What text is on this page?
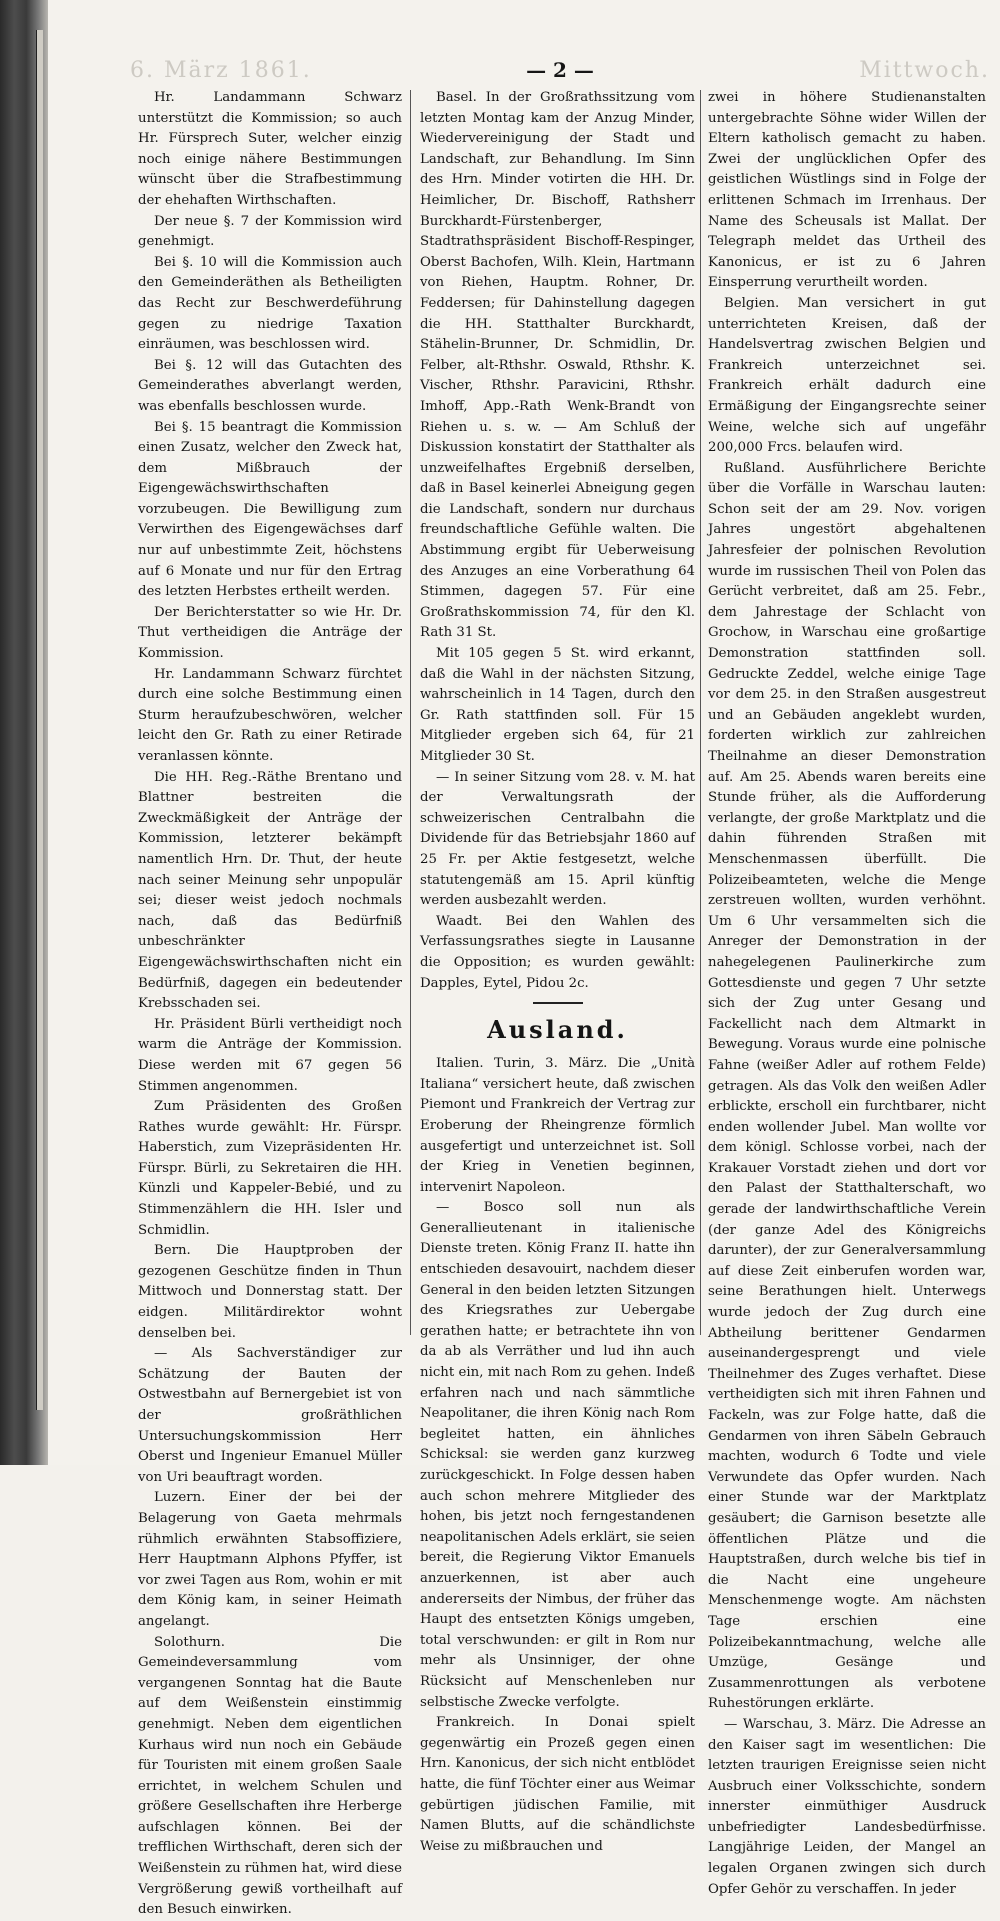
6. März 1861.	Mittwoch.
— 2 —

Hr. Landammann Schwarz unterstützt die Kommission; so auch Hr. Fürsprech Suter, welcher einzig noch einige nähere Bestimmungen wünscht über die Strafbestimmung der ehehaften Wirthschaften.

Der neue §. 7 der Kommission wird genehmigt.

Bei §. 10 will die Kommission auch den Gemeinderäthen als Betheiligten das Recht zur Beschwerdeführung gegen zu niedrige Taxation einräumen, was beschlossen wird.

Bei §. 12 will das Gutachten des Gemeinderathes abverlangt werden, was ebenfalls beschlossen wurde.

Bei §. 15 beantragt die Kommission einen Zusatz, welcher den Zweck hat, dem Mißbrauch der Eigengewächswirthschaften vorzubeugen. Die Bewilligung zum Verwirthen des Eigengewächses darf nur auf unbestimmte Zeit, höchstens auf 6 Monate und nur für den Ertrag des letzten Herbstes ertheilt werden.

Der Berichterstatter so wie Hr. Dr. Thut vertheidigen die Anträge der Kommission.

Hr. Landammann Schwarz fürchtet durch eine solche Bestimmung einen Sturm heraufzubeschwören, welcher leicht den Gr. Rath zu einer Retirade veranlassen könnte.

Die HH. Reg.-Räthe Brentano und Blattner bestreiten die Zweckmäßigkeit der Anträge der Kommission, letzterer bekämpft namentlich Hrn. Dr. Thut, der heute nach seiner Meinung sehr unpopulär sei; dieser weist jedoch nochmals nach, daß das Bedürfniß unbeschränkter Eigengewächswirthschaften nicht ein Bedürfniß, dagegen ein bedeutender Krebsschaden sei.

Hr. Präsident Bürli vertheidigt noch warm die Anträge der Kommission. Diese werden mit 67 gegen 56 Stimmen angenommen.

Zum Präsidenten des Großen Rathes wurde gewählt: Hr. Fürspr. Haberstich, zum Vizepräsidenten Hr. Fürspr. Bürli, zu Sekretairen die HH. Künzli und Kappeler-Bebié, und zu Stimmenzählern die HH. Isler und Schmidlin.

Bern. Die Hauptproben der gezogenen Geschütze finden in Thun Mittwoch und Donnerstag statt. Der eidgen. Militärdirektor wohnt denselben bei.

— Als Sachverständiger zur Schätzung der Bauten der Ostwestbahn auf Bernergebiet ist von der großräthlichen Untersuchungskommission Herr Oberst und Ingenieur Emanuel Müller von Uri beauftragt worden.

Luzern. Einer der bei der Belagerung von Gaeta mehrmals rühmlich erwähnten Stabsoffiziere, Herr Hauptmann Alphons Pfyffer, ist vor zwei Tagen aus Rom, wohin er mit dem König kam, in seiner Heimath angelangt.

Solothurn. Die Gemeindeversammlung vom vergangenen Sonntag hat die Baute auf dem Weißenstein einstimmig genehmigt. Neben dem eigentlichen Kurhaus wird nun noch ein Gebäude für Touristen mit einem großen Saale errichtet, in welchem Schulen und größere Gesellschaften ihre Herberge aufschlagen können. Bei der trefflichen Wirthschaft, deren sich der Weißenstein zu rühmen hat, wird diese Vergrößerung gewiß vortheilhaft auf den Besuch einwirken.

Basel. In der Großrathssitzung vom letzten Montag kam der Anzug Minder, Wiedervereinigung der Stadt und Landschaft, zur Behandlung. Im Sinn des Hrn. Minder votirten die HH. Dr. Heimlicher, Dr. Bischoff, Rathsherr Burckhardt-Fürstenberger, Stadtrathspräsident Bischoff-Respinger, Oberst Bachofen, Wilh. Klein, Hartmann von Riehen, Hauptm. Rohner, Dr. Feddersen; für Dahinstellung dagegen die HH. Statthalter Burckhardt, Stähelin-Brunner, Dr. Schmidlin, Dr. Felber, alt-Rthshr. Oswald, Rthshr. K. Vischer, Rthshr. Paravicini, Rthshr. Imhoff, App.-Rath Wenk-Brandt von Riehen u. s. w. — Am Schluß der Diskussion konstatirt der Statthalter als unzweifelhaftes Ergebniß derselben, daß in Basel keinerlei Abneigung gegen die Landschaft, sondern nur durchaus freundschaftliche Gefühle walten. Die Abstimmung ergibt für Ueberweisung des Anzuges an eine Vorberathung 64 Stimmen, dagegen 57. Für eine Großrathskommission 74, für den Kl. Rath 31 St.

Mit 105 gegen 5 St. wird erkannt, daß die Wahl in der nächsten Sitzung, wahrscheinlich in 14 Tagen, durch den Gr. Rath stattfinden soll. Für 15 Mitglieder ergeben sich 64, für 21 Mitglieder 30 St.

— In seiner Sitzung vom 28. v. M. hat der Verwaltungsrath der schweizerischen Centralbahn die Dividende für das Betriebsjahr 1860 auf 25 Fr. per Aktie festgesetzt, welche statutengemäß am 15. April künftig werden ausbezahlt werden.

Waadt. Bei den Wahlen des Verfassungsrathes siegte in Lausanne die Opposition; es wurden gewählt: Dapples, Eytel, Pidou 2c.

Ausland.

Italien. Turin, 3. März. Die „Unità Italiana“ versichert heute, daß zwischen Piemont und Frankreich der Vertrag zur Eroberung der Rheingrenze förmlich ausgefertigt und unterzeichnet ist. Soll der Krieg in Venetien beginnen, intervenirt Napoleon.

— Bosco soll nun als Generallieutenant in italienische Dienste treten. König Franz II. hatte ihn entschieden desavouirt, nachdem dieser General in den beiden letzten Sitzungen des Kriegsrathes zur Uebergabe gerathen hatte; er betrachtete ihn von da ab als Verräther und lud ihn auch nicht ein, mit nach Rom zu gehen. Indeß erfahren nach und nach sämmtliche Neapolitaner, die ihren König nach Rom begleitet hatten, ein ähnliches Schicksal: sie werden ganz kurzweg zurückgeschickt. In Folge dessen haben auch schon mehrere Mitglieder des hohen, bis jetzt noch ferngestandenen neapolitanischen Adels erklärt, sie seien bereit, die Regierung Viktor Emanuels anzuerkennen, ist aber auch andererseits der Nimbus, der früher das Haupt des entsetzten Königs umgeben, total verschwunden: er gilt in Rom nur mehr als Unsinniger, der ohne Rücksicht auf Menschenleben nur selbstische Zwecke verfolgte.

Frankreich. In Donai spielt gegenwärtig ein Prozeß gegen einen Hrn. Kanonicus, der sich nicht entblödet hatte, die fünf Töchter einer aus Weimar gebürtigen jüdischen Familie, mit Namen Blutts, auf die schändlichste Weise zu mißbrauchen und

zwei in höhere Studienanstalten untergebrachte Söhne wider Willen der Eltern katholisch gemacht zu haben. Zwei der unglücklichen Opfer des geistlichen Wüstlings sind in Folge der erlittenen Schmach im Irrenhaus. Der Name des Scheusals ist Mallat. Der Telegraph meldet das Urtheil des Kanonicus, er ist zu 6 Jahren Einsperrung verurtheilt worden.

Belgien. Man versichert in gut unterrichteten Kreisen, daß der Handelsvertrag zwischen Belgien und Frankreich unterzeichnet sei. Frankreich erhält dadurch eine Ermäßigung der Eingangsrechte seiner Weine, welche sich auf ungefähr 200,000 Frcs. belaufen wird.

Rußland. Ausführlichere Berichte über die Vorfälle in Warschau lauten: Schon seit der am 29. Nov. vorigen Jahres ungestört abgehaltenen Jahresfeier der polnischen Revolution wurde im russischen Theil von Polen das Gerücht verbreitet, daß am 25. Febr., dem Jahrestage der Schlacht von Grochow, in Warschau eine großartige Demonstration stattfinden soll. Gedruckte Zeddel, welche einige Tage vor dem 25. in den Straßen ausgestreut und an Gebäuden angeklebt wurden, forderten wirklich zur zahlreichen Theilnahme an dieser Demonstration auf. Am 25. Abends waren bereits eine Stunde früher, als die Aufforderung verlangte, der große Marktplatz und die dahin führenden Straßen mit Menschenmassen überfüllt. Die Polizeibeamteten, welche die Menge zerstreuen wollten, wurden verhöhnt. Um 6 Uhr versammelten sich die Anreger der Demonstration in der nahegelegenen Paulinerkirche zum Gottesdienste und gegen 7 Uhr setzte sich der Zug unter Gesang und Fackellicht nach dem Altmarkt in Bewegung. Voraus wurde eine polnische Fahne (weißer Adler auf rothem Felde) getragen. Als das Volk den weißen Adler erblickte, erscholl ein furchtbarer, nicht enden wollender Jubel. Man wollte vor dem königl. Schlosse vorbei, nach der Krakauer Vorstadt ziehen und dort vor den Palast der Statthalterschaft, wo gerade der landwirthschaftliche Verein (der ganze Adel des Königreichs darunter), der zur Generalversammlung auf diese Zeit einberufen worden war, seine Berathungen hielt. Unterwegs wurde jedoch der Zug durch eine Abtheilung berittener Gendarmen auseinandergesprengt und viele Theilnehmer des Zuges verhaftet. Diese vertheidigten sich mit ihren Fahnen und Fackeln, was zur Folge hatte, daß die Gendarmen von ihren Säbeln Gebrauch machten, wodurch 6 Todte und viele Verwundete das Opfer wurden. Nach einer Stunde war der Marktplatz gesäubert; die Garnison besetzte alle öffentlichen Plätze und die Hauptstraßen, durch welche bis tief in die Nacht eine ungeheure Menschenmenge wogte. Am nächsten Tage erschien eine Polizeibekanntmachung, welche alle Umzüge, Gesänge und Zusammenrottungen als verbotene Ruhestörungen erklärte.

— Warschau, 3. März. Die Adresse an den Kaiser sagt im wesentlichen: Die letzten traurigen Ereignisse seien nicht Ausbruch einer Volksschichte, sondern innerster einmüthiger Ausdruck unbefriedigter Landesbedürfnisse. Langjährige Leiden, der Mangel an legalen Organen zwingen sich durch Opfer Gehör zu verschaffen. In jeder
